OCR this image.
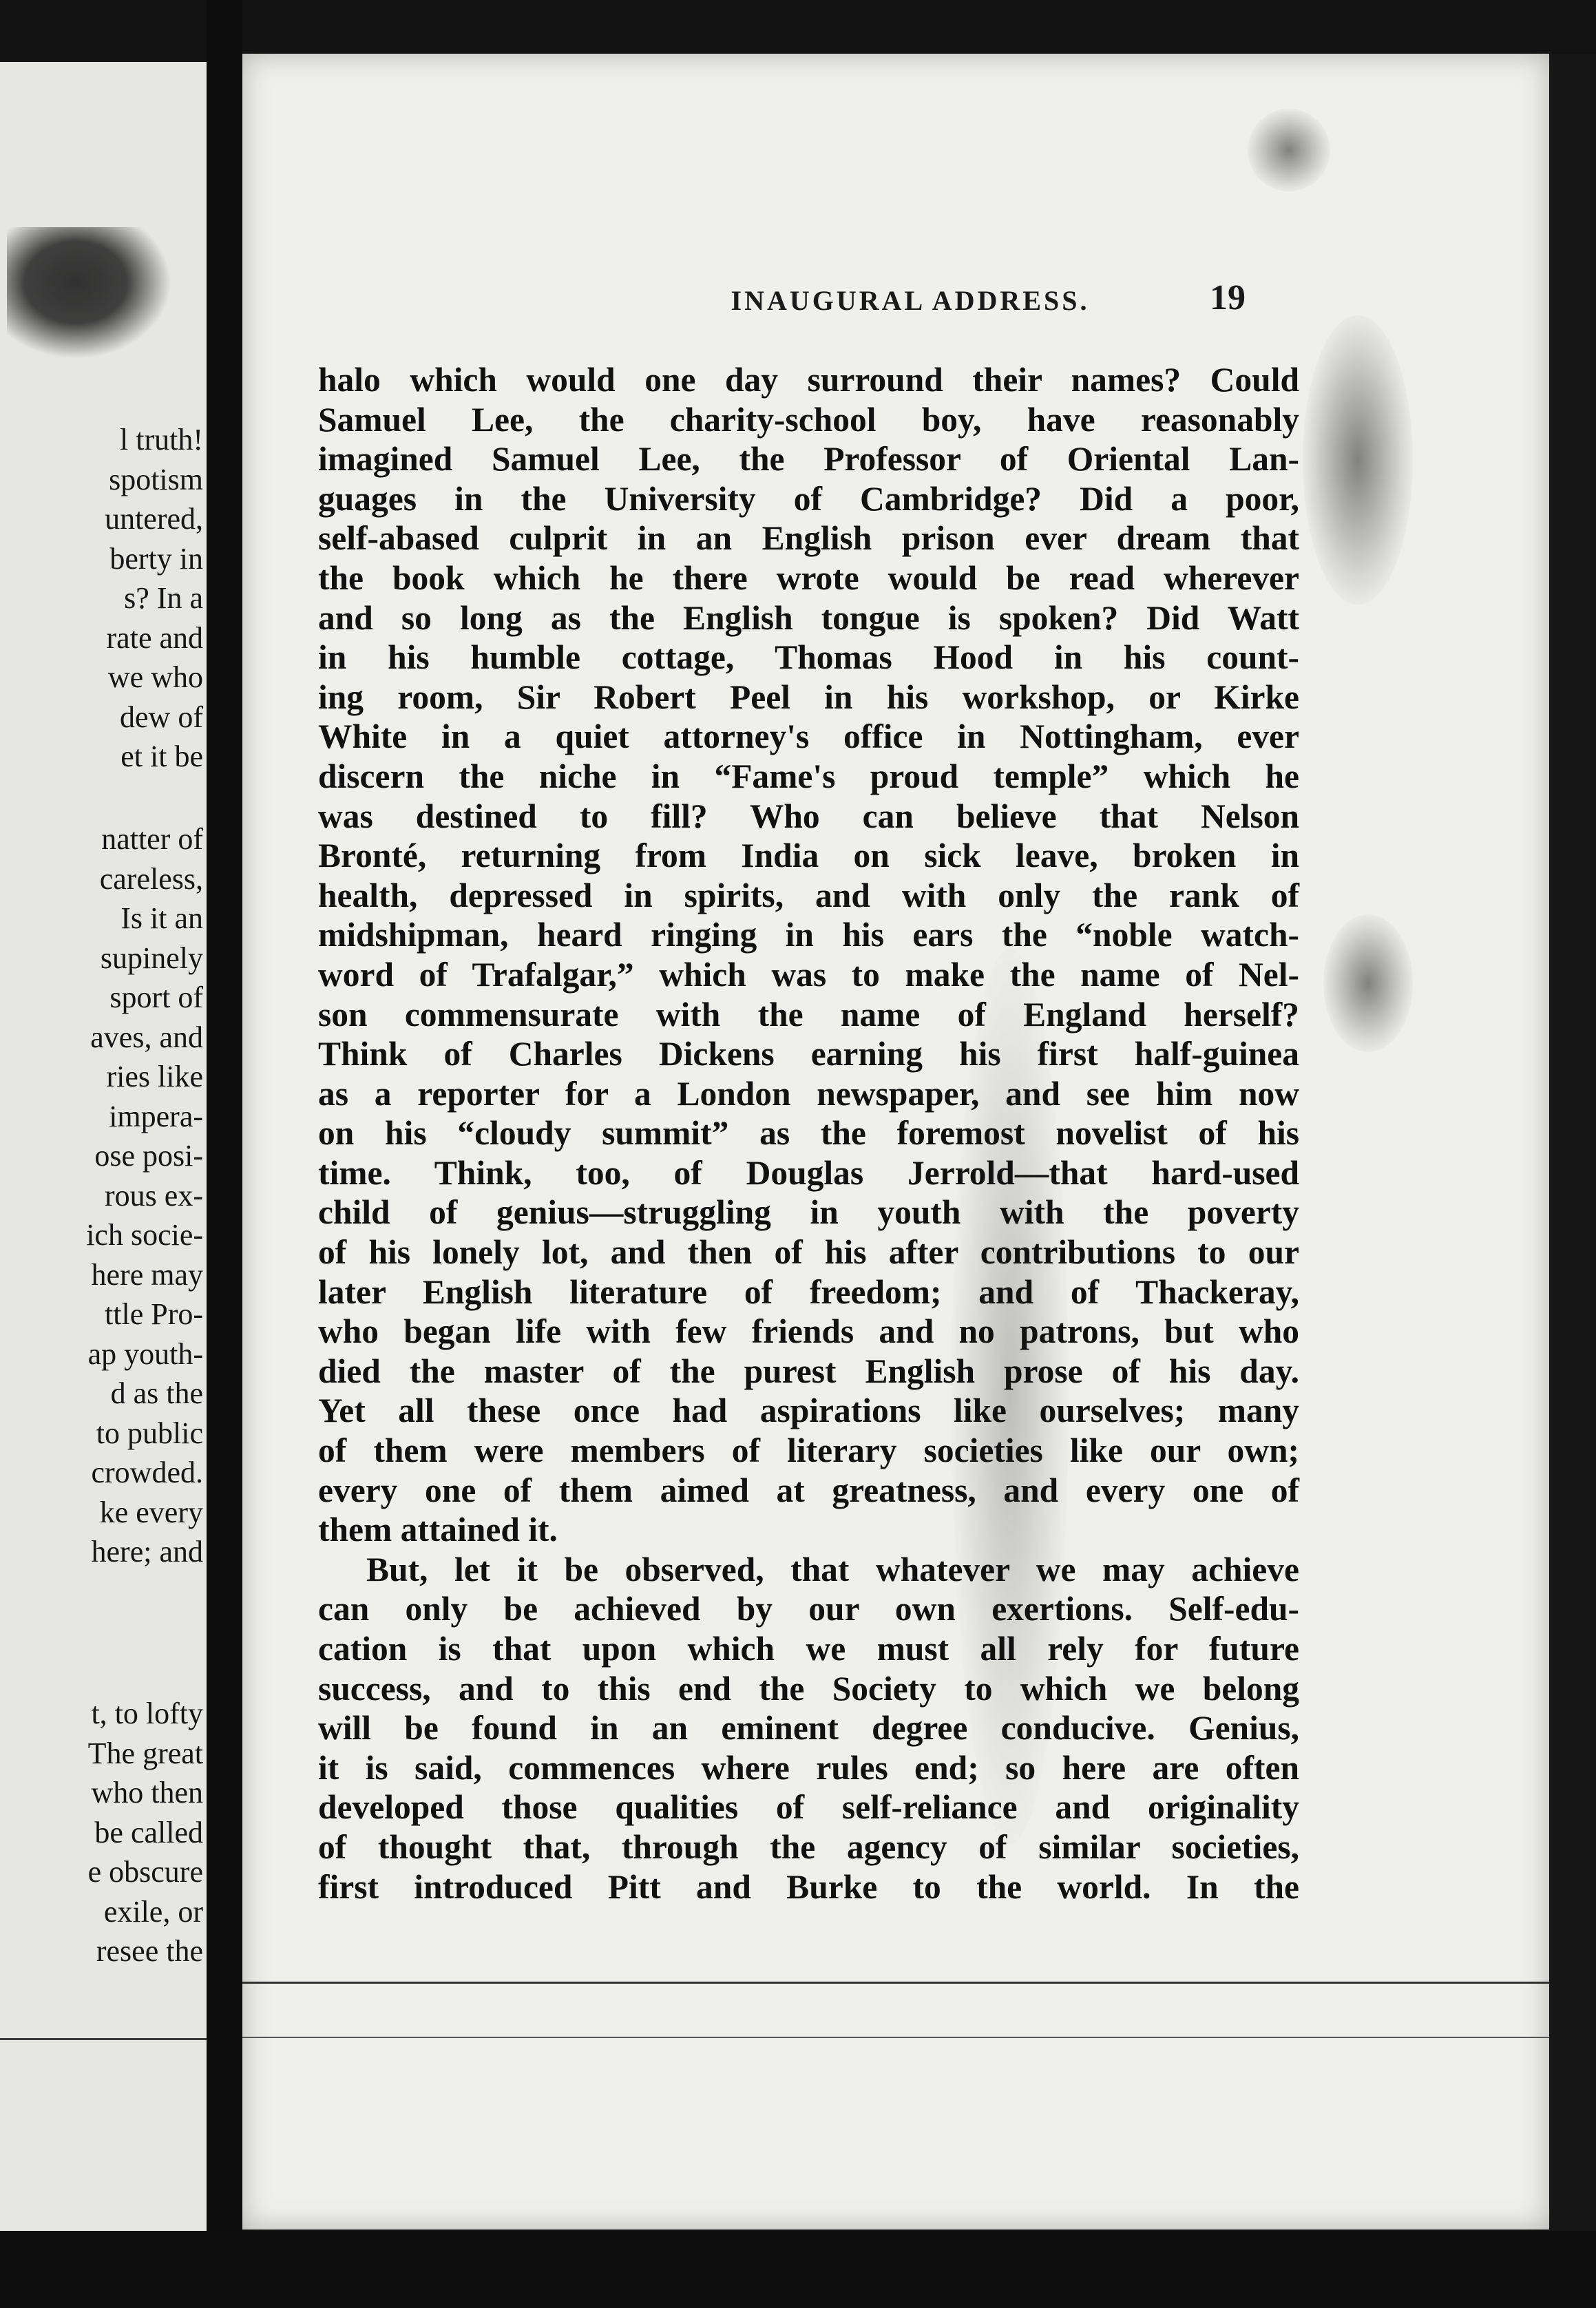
l truth!
spotism
untered,
berty in
s? In a
rate and
we who
dew of
et it be
natter of
careless,
Is it an
supinely
sport of
aves, and
ries like
impera-
ose posi-
rous ex-
ich socie-
here may
ttle Pro-
ap youth-
d as the
to public
crowded.
ke every
here; and
t, to lofty
The great
who then
be called
e obscure
exile, or
resee the
INAUGURAL ADDRESS.	19
halo which would one day surround their names? Could
Samuel Lee, the charity-school boy, have reasonably
imagined Samuel Lee, the Professor of Oriental Lan-
guages in the University of Cambridge? Did a poor,
self-abased culprit in an English prison ever dream that
the book which he there wrote would be read wherever
and so long as the English tongue is spoken? Did Watt
in his humble cottage, Thomas Hood in his count-
ing room, Sir Robert Peel in his workshop, or Kirke
White in a quiet attorney's office in Nottingham, ever
discern the niche in “Fame's proud temple” which he
was destined to fill? Who can believe that Nelson
Bronté, returning from India on sick leave, broken in
health, depressed in spirits, and with only the rank of
midshipman, heard ringing in his ears the “noble watch-
word of Trafalgar,” which was to make the name of Nel-
son commensurate with the name of England herself?
Think of Charles Dickens earning his first half-guinea
as a reporter for a London newspaper, and see him now
on his “cloudy summit” as the foremost novelist of his
time. Think, too, of Douglas Jerrold—that hard-used
child of genius—struggling in youth with the poverty
of his lonely lot, and then of his after contributions to our
later English literature of freedom; and of Thackeray,
who began life with few friends and no patrons, but who
died the master of the purest English prose of his day.
Yet all these once had aspirations like ourselves; many
of them were members of literary societies like our own;
every one of them aimed at greatness, and every one of
them attained it.
But, let it be observed, that whatever we may achieve
can only be achieved by our own exertions. Self-edu-
cation is that upon which we must all rely for future
success, and to this end the Society to which we belong
will be found in an eminent degree conducive. Genius,
it is said, commences where rules end; so here are often
developed those qualities of self-reliance and originality
of thought that, through the agency of similar societies,
first introduced Pitt and Burke to the world. In the
